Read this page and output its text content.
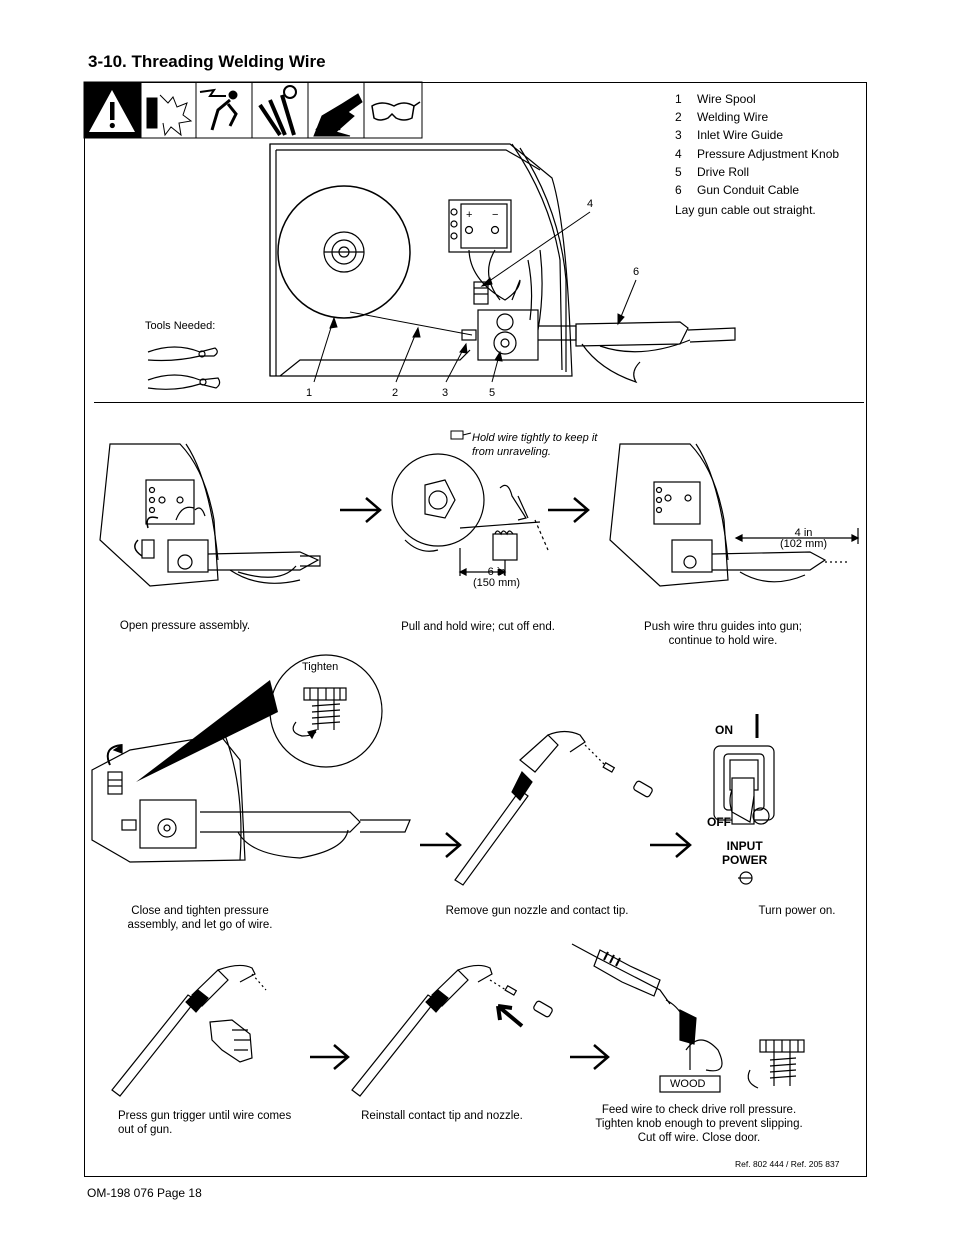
3-10. Threading Welding Wire
+ −
1 Wire Spool
2 Welding Wire
3 Inlet Wire Guide
4 Pressure Adjustment Knob
5 Drive Roll
6 Gun Conduit Cable
Lay gun cable out straight.
Tools Needed:
1	2	3
4
5
6
Hold wire tightly to keep it
from unraveling.
6 in
(150 mm)
4 in
(102 mm)
Open pressure assembly.	Pull and hold wire; cut off end.	Push wire thru guides into gun;
continue to hold wire.
Tighten
Close and tighten pressure
assembly, and let go of wire.
Remove gun nozzle and contact tip.
ON
OFF
INPUT
POWER
Turn power on.
WOOD
Press gun trigger until wire comes
out of gun.
Reinstall contact tip and nozzle.	Feed wire to check drive roll pressure.
Tighten knob enough to prevent slipping.
Cut off wire. Close door.
Ref. 802 444 / Ref. 205 837
OM-198 076 Page 18
